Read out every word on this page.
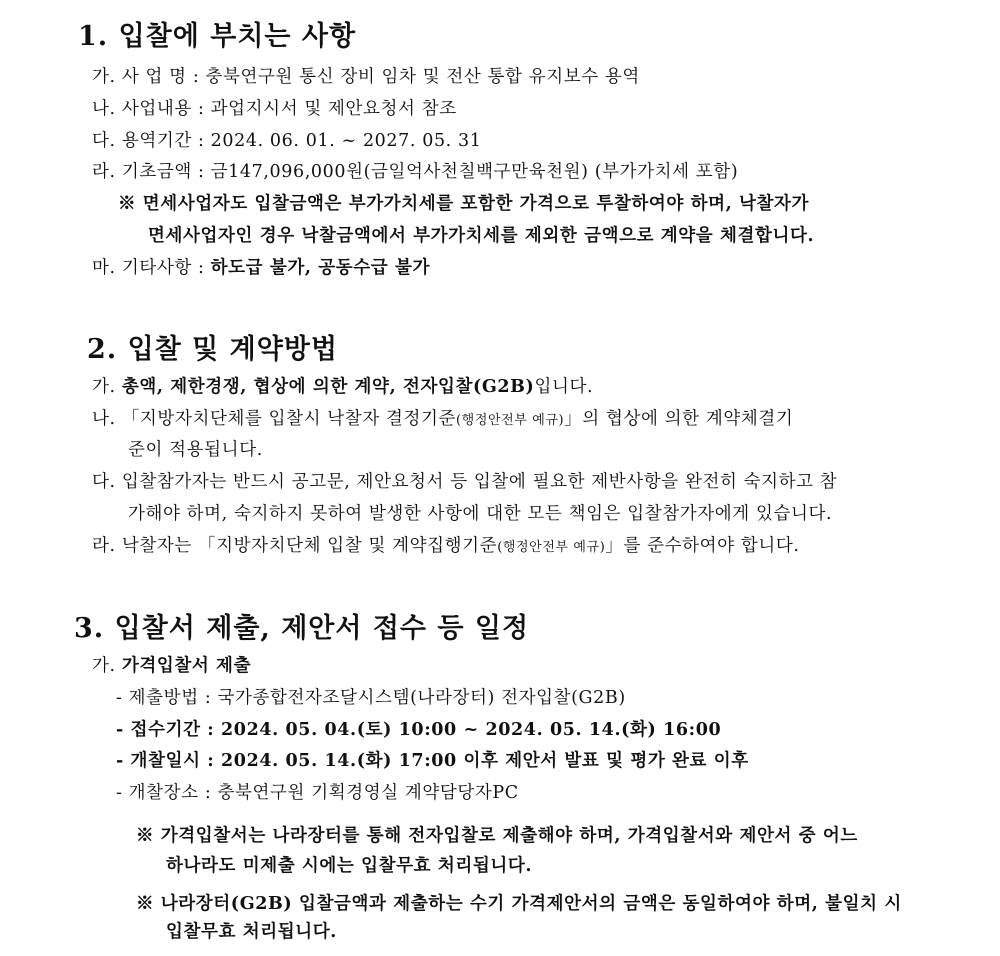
1. 입찰에 부치는 사항
가. 사 업 명 : 충북연구원 통신 장비 임차 및 전산 통합 유지보수 용역
나. 사업내용 : 과업지시서 및 제안요청서 참조
다. 용역기간 : 2024. 06. 01. ~ 2027. 05. 31
라. 기초금액 : 금147,096,000원(금일억사천칠백구만육천원) (부가가치세 포함)
※ 면세사업자도 입찰금액은 부가가치세를 포함한 가격으로 투찰하여야 하며, 낙찰자가
면세사업자인 경우 낙찰금액에서 부가가치세를 제외한 금액으로 계약을 체결합니다.
마. 기타사항 : 하도급 불가, 공동수급 불가
2. 입찰 및 계약방법
가. 총액, 제한경쟁, 협상에 의한 계약, 전자입찰(G2B)입니다.
나. 「지방자치단체를 입찰시 낙찰자 결정기준(행정안전부 예규)」의 협상에 의한 계약체결기
준이 적용됩니다.
다. 입찰참가자는 반드시 공고문, 제안요청서 등 입찰에 필요한 제반사항을 완전히 숙지하고 참
가해야 하며, 숙지하지 못하여 발생한 사항에 대한 모든 책임은 입찰참가자에게 있습니다.
라. 낙찰자는 「지방자치단체 입찰 및 계약집행기준(행정안전부 예규)」를 준수하여야 합니다.
3. 입찰서 제출, 제안서 접수 등 일정
가. 가격입찰서 제출
- 제출방법 : 국가종합전자조달시스템(나라장터) 전자입찰(G2B)
- 접수기간 : 2024. 05. 04.(토) 10:00 ~ 2024. 05. 14.(화) 16:00
- 개찰일시 : 2024. 05. 14.(화) 17:00 이후 제안서 발표 및 평가 완료 이후
- 개찰장소 : 충북연구원 기획경영실 계약담당자PC
※ 가격입찰서는 나라장터를 통해 전자입찰로 제출해야 하며, 가격입찰서와 제안서 중 어느
하나라도 미제출 시에는 입찰무효 처리됩니다.
※ 나라장터(G2B) 입찰금액과 제출하는 수기 가격제안서의 금액은 동일하여야 하며, 불일치 시
입찰무효 처리됩니다.
